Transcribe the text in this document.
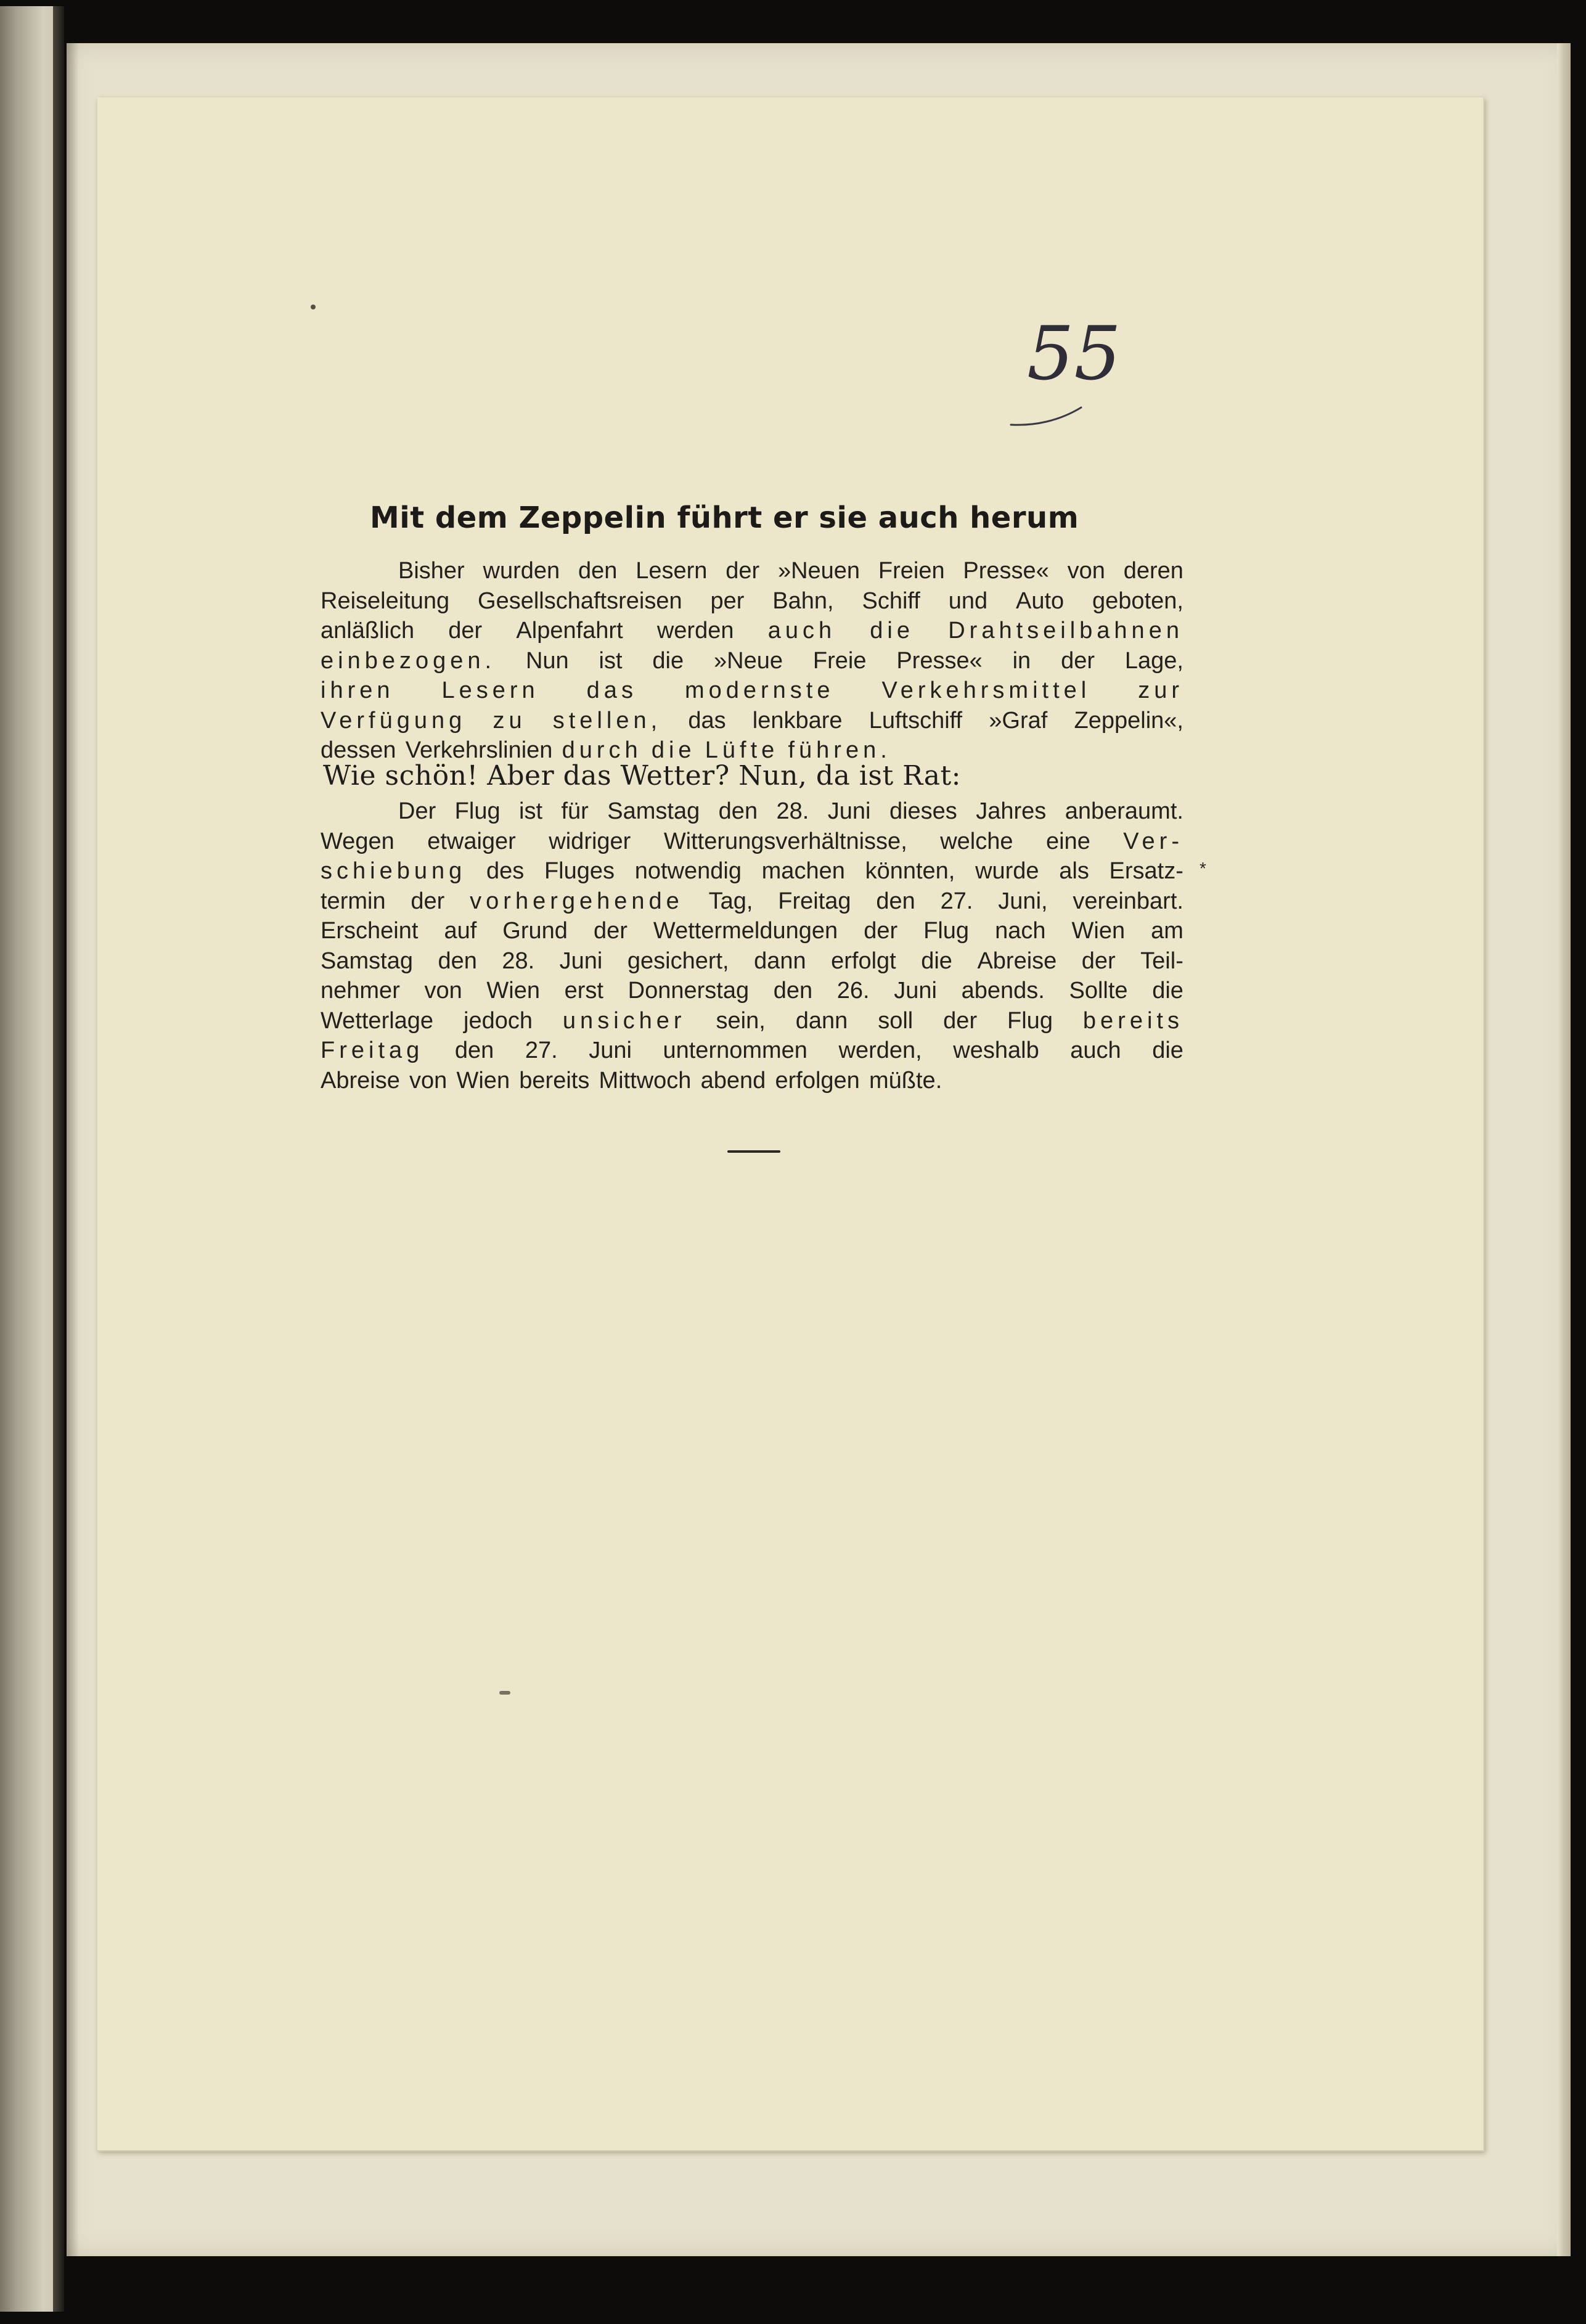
55
Mit dem Zeppelin führt er sie auch herum
Bisher wurden den Lesern der »Neuen Freien Presse« von deren
Reiseleitung Gesellschaftsreisen per Bahn, Schiff und Auto geboten,
anläßlich der Alpenfahrt werden auch die Drahtseilbahnen
einbezogen. Nun ist die »Neue Freie Presse« in der Lage,
ihren Lesern das modernste Verkehrsmittel zur
Verfügung zu stellen, das lenkbare Luftschiff »Graf Zeppelin«,
dessen Verkehrslinien durch die Lüfte führen.
Wie schön! Aber das Wetter? Nun, da ist Rat:
Der Flug ist für Samstag den 28. Juni dieses Jahres anberaumt.
Wegen etwaiger widriger Witterungsverhältnisse, welche eine Ver-
schiebung des Fluges notwendig machen könnten, wurde als Ersatz-
termin der vorhergehende Tag, Freitag den 27. Juni, vereinbart.
Erscheint auf Grund der Wettermeldungen der Flug nach Wien am
Samstag den 28. Juni gesichert, dann erfolgt die Abreise der Teil-
nehmer von Wien erst Donnerstag den 26. Juni abends. Sollte die
Wetterlage jedoch unsicher sein, dann soll der Flug bereits
Freitag den 27. Juni unternommen werden, weshalb auch die
Abreise von Wien bereits Mittwoch abend erfolgen müßte.
*
